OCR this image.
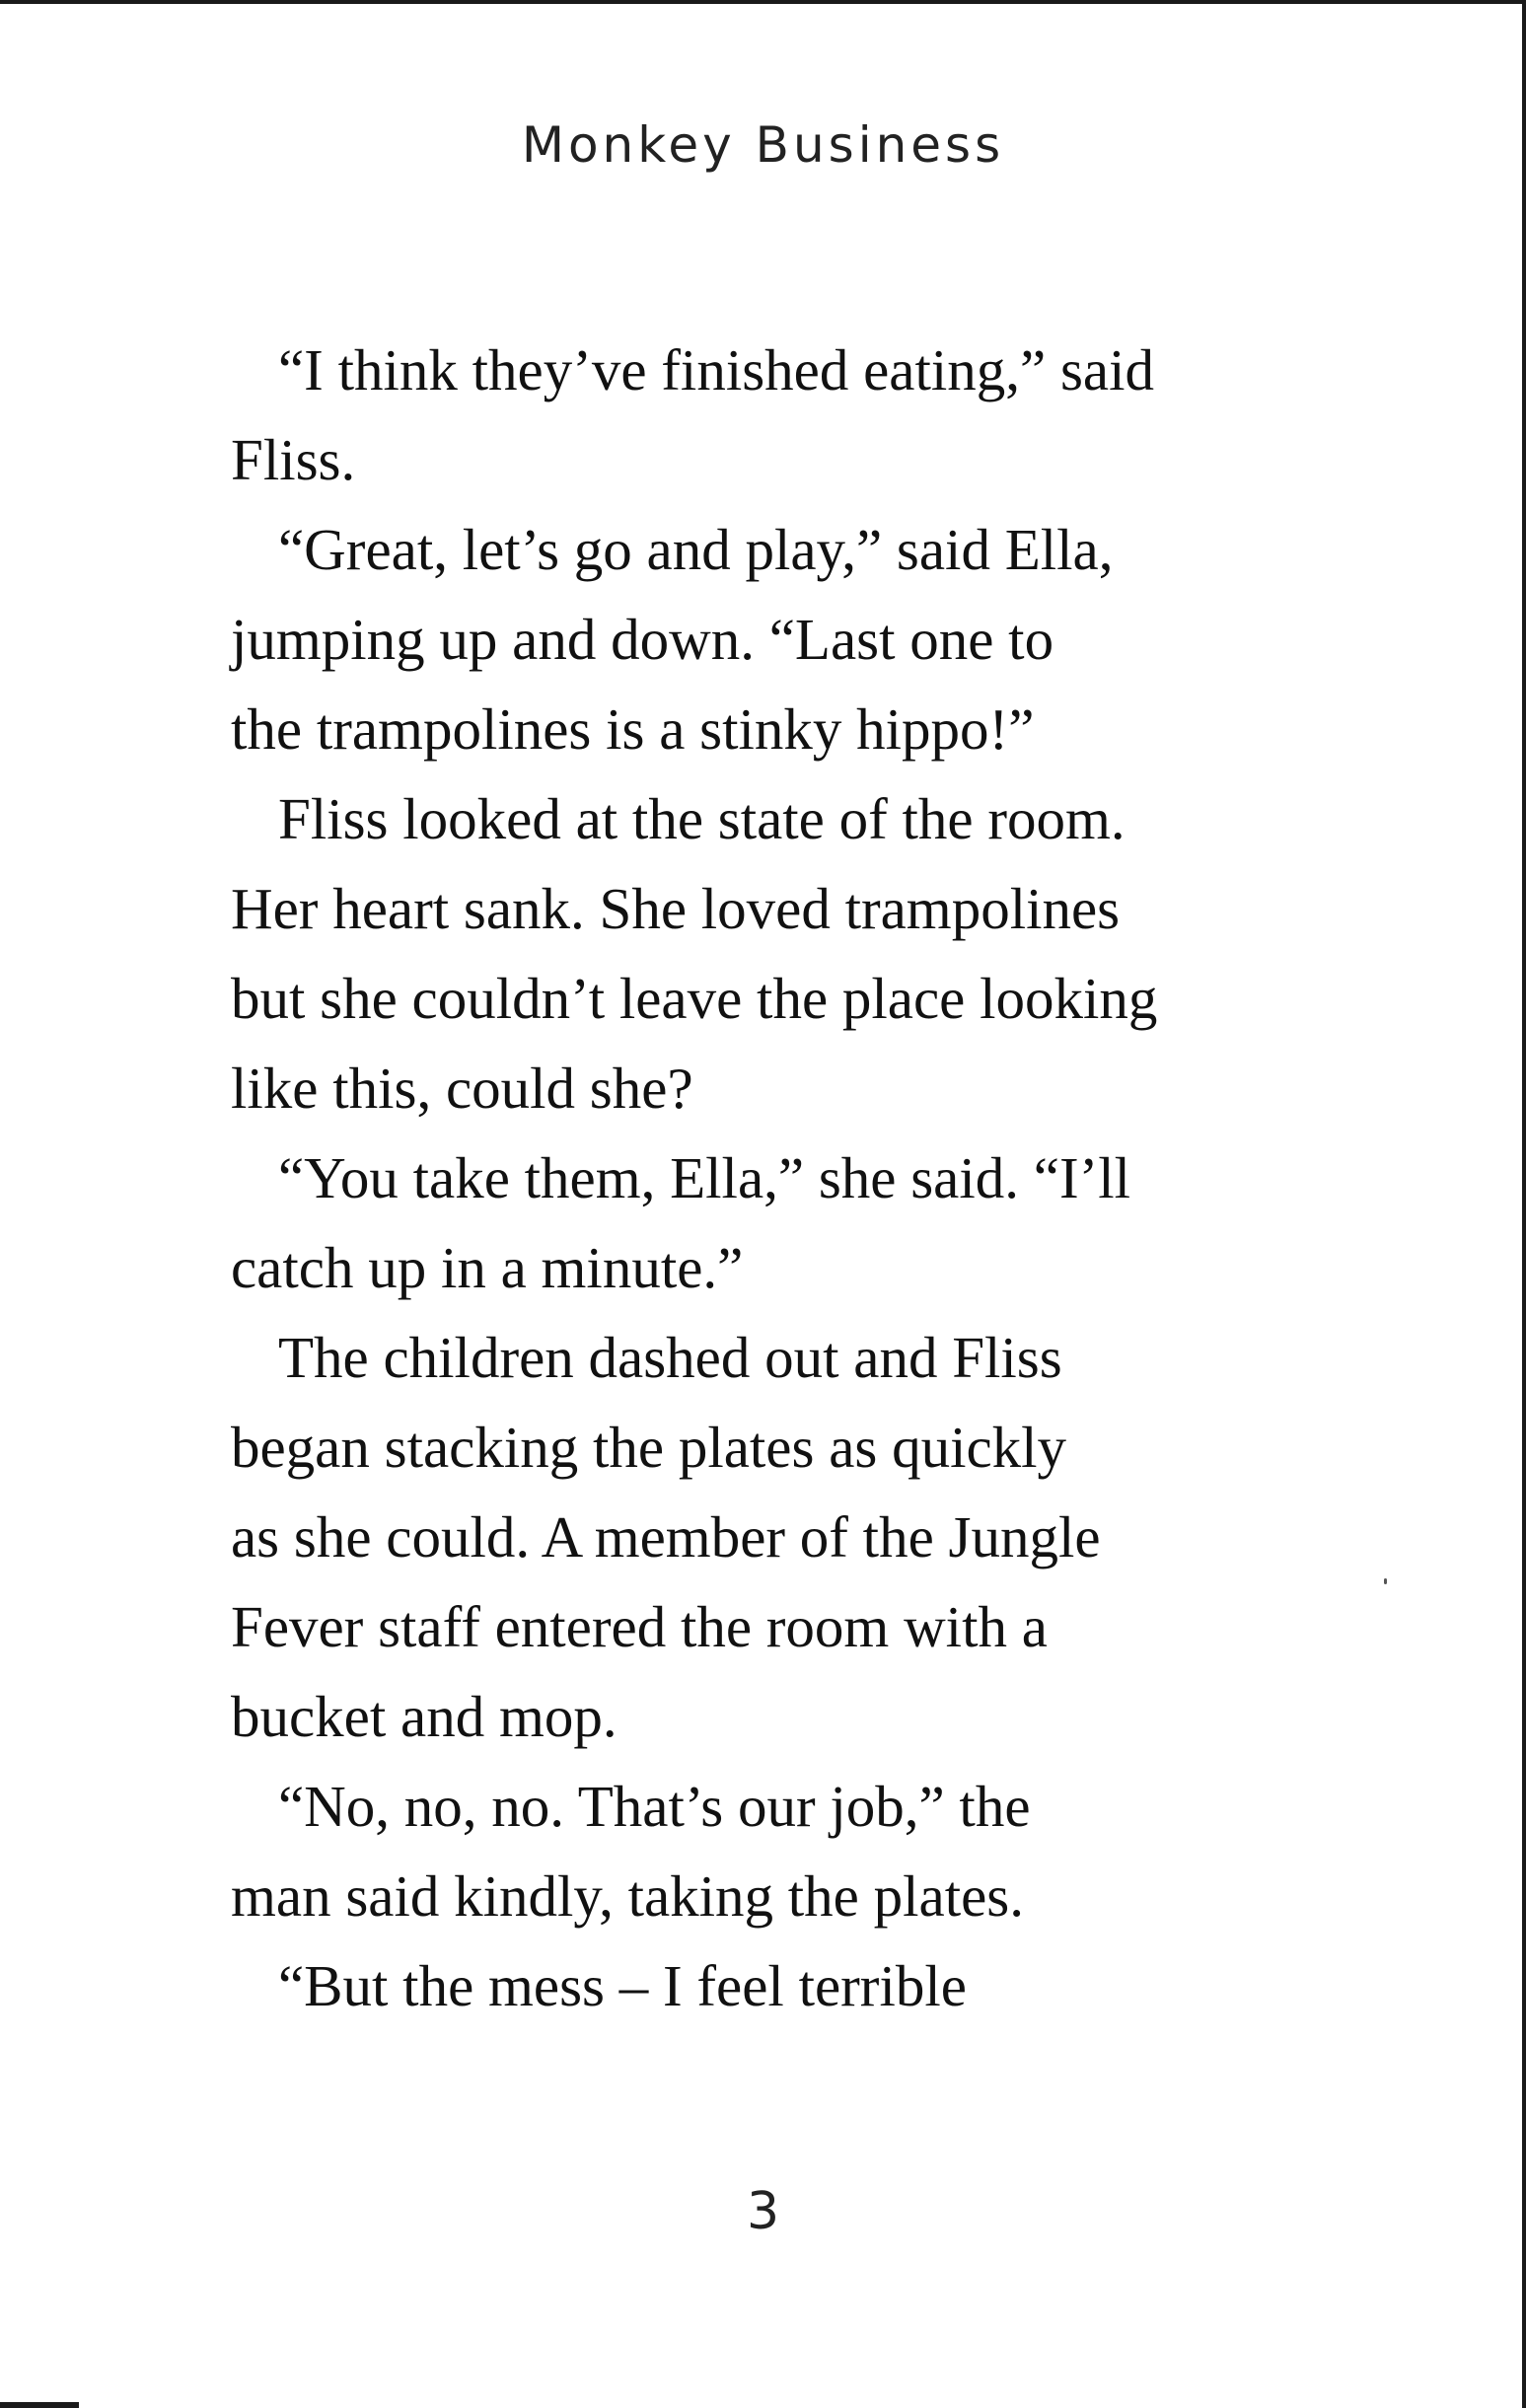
Monkey Business
“I think they’ve finished eating,” said
Fliss.
“Great, let’s go and play,” said Ella,
jumping up and down. “Last one to
the trampolines is a stinky hippo!”
Fliss looked at the state of the room.
Her heart sank. She loved trampolines
but she couldn’t leave the place looking
like this, could she?
“You take them, Ella,” she said. “I’ll
catch up in a minute.”
The children dashed out and Fliss
began stacking the plates as quickly
as she could. A member of the Jungle
Fever staff entered the room with a
bucket and mop.
“No, no, no. That’s our job,” the
man said kindly, taking the plates.
“But the mess – I feel terrible
3
